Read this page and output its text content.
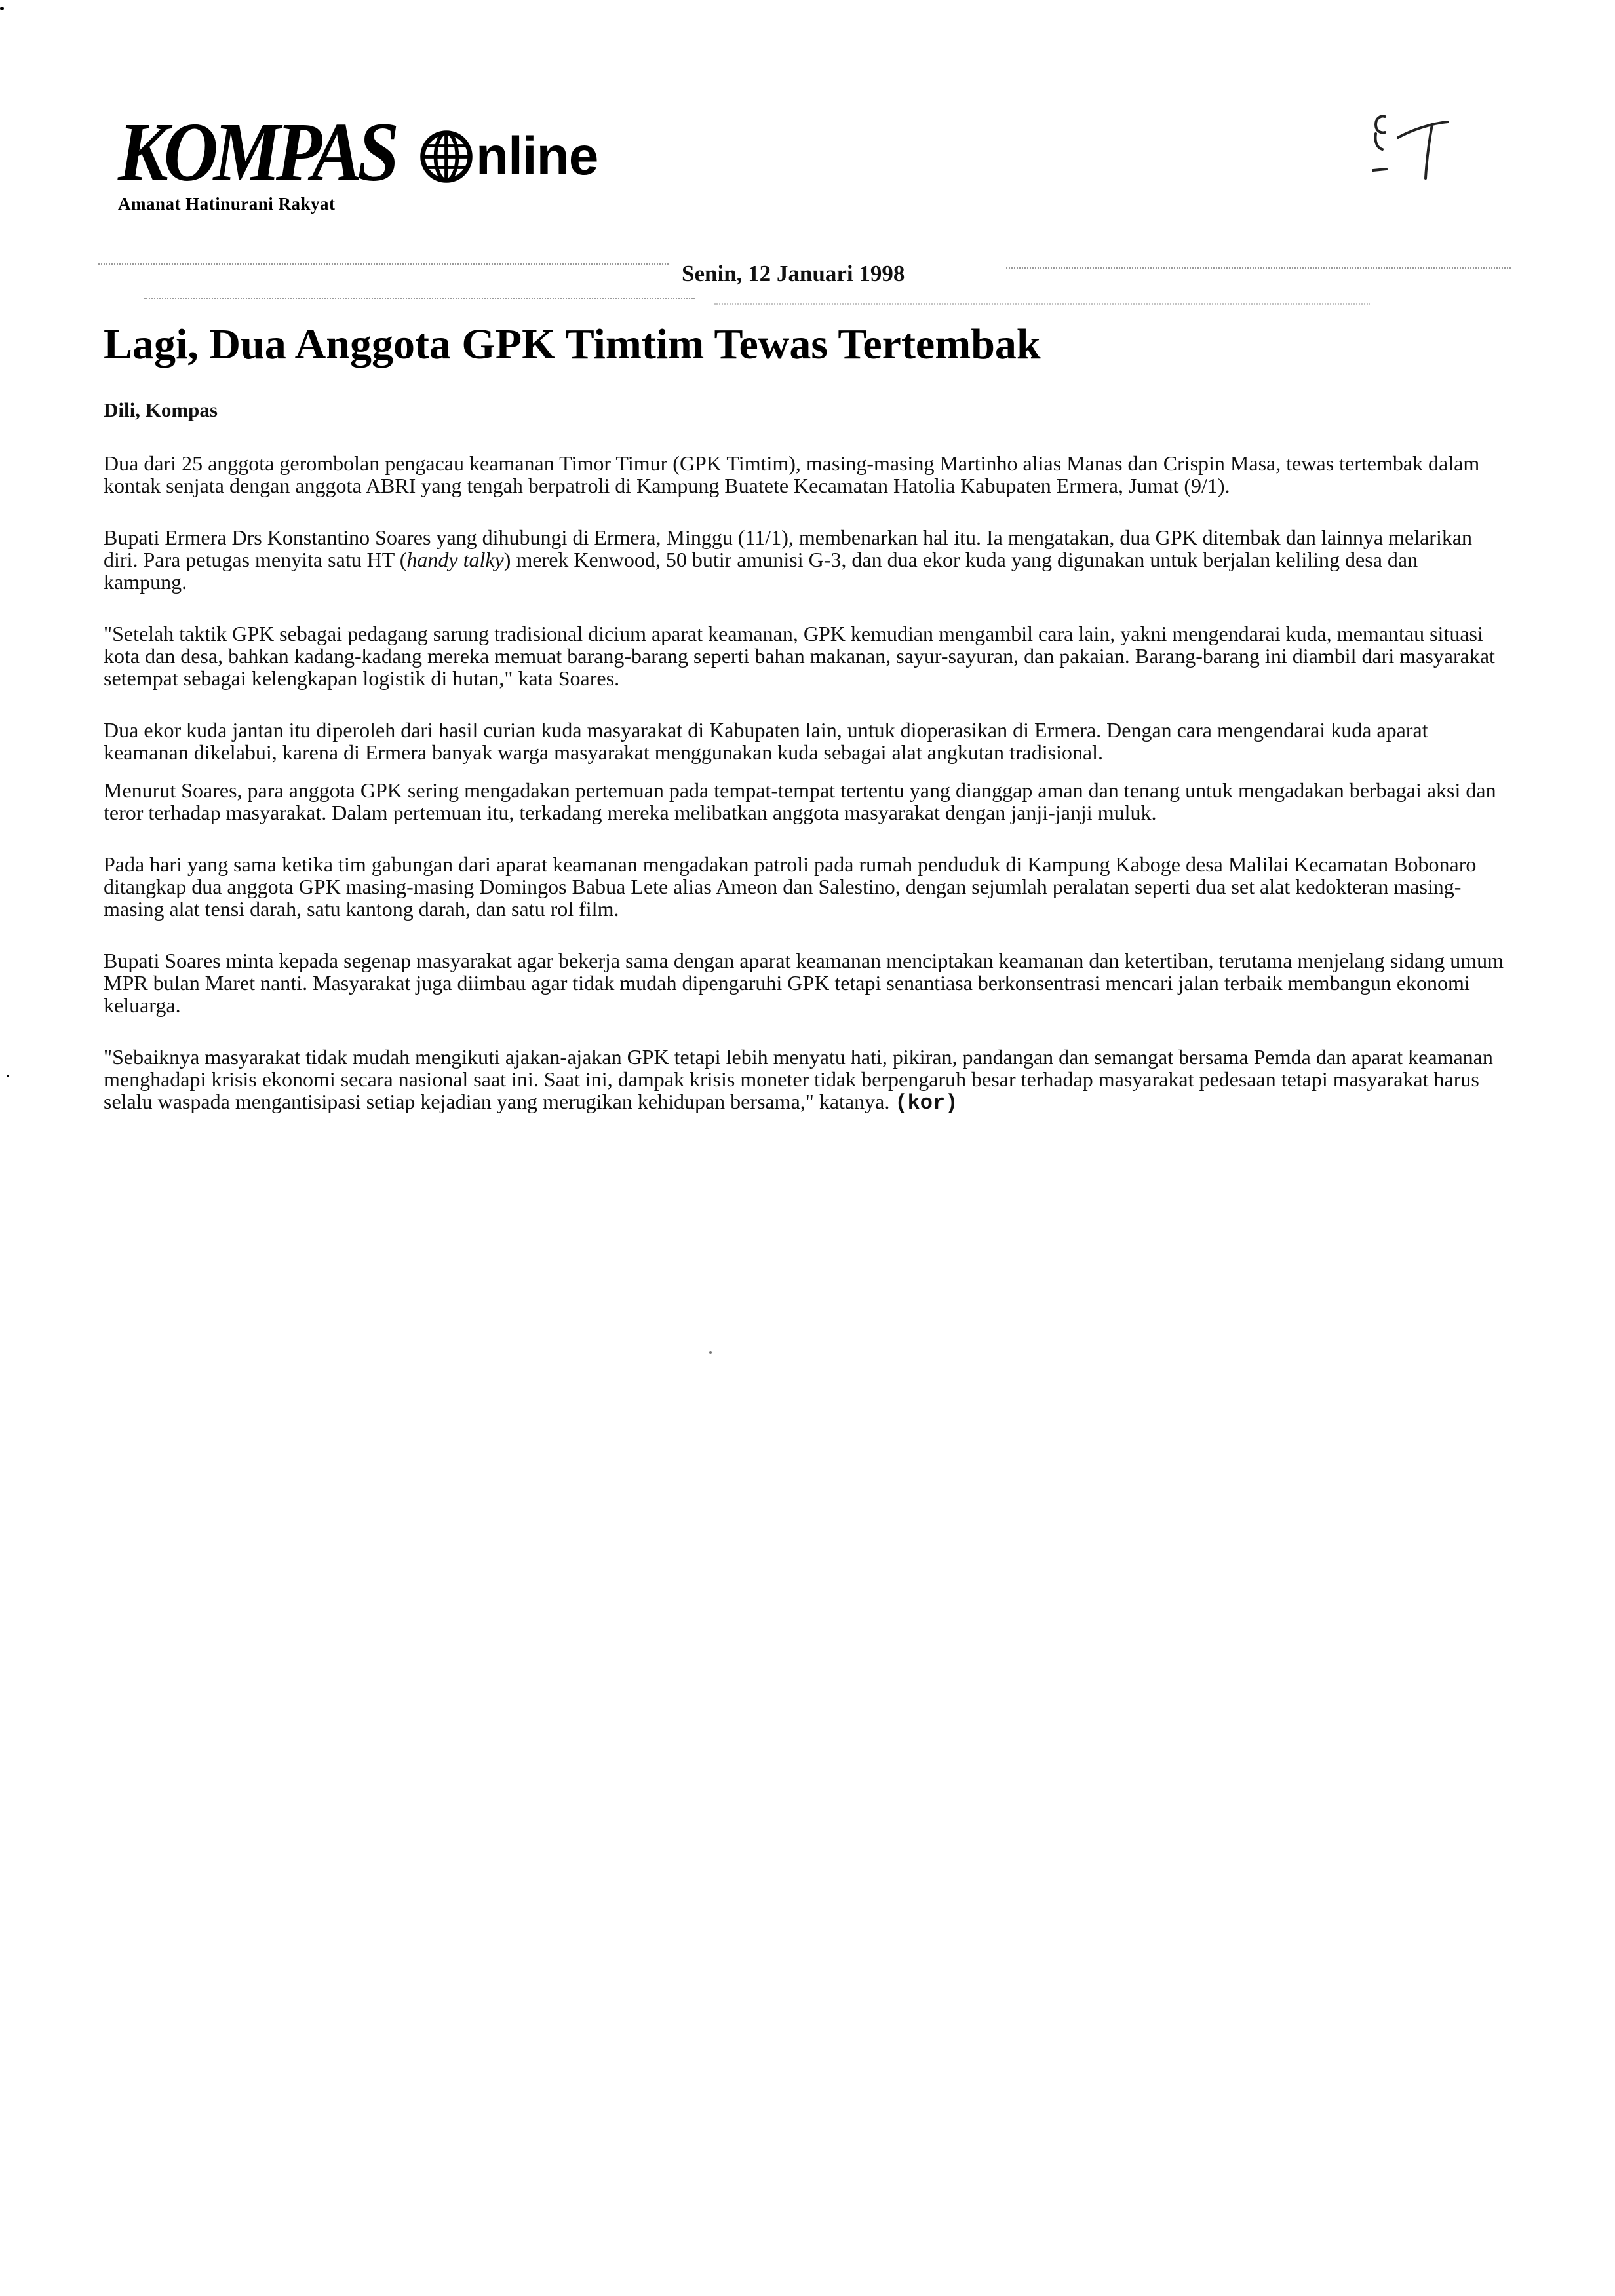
KOMPAS nline
Amanat Hatinurani Rakyat
Senin, 12 Januari 1998
Lagi, Dua Anggota GPK Timtim Tewas Tertembak
Dili, Kompas

Dua dari 25 anggota gerombolan pengacau keamanan Timor Timur (GPK Timtim), masing-masing Martinho alias Manas dan Crispin Masa, tewas tertembak dalam kontak senjata dengan anggota ABRI yang tengah berpatroli di Kampung Buatete Kecamatan Hatolia Kabupaten Ermera, Jumat (9/1).

Bupati Ermera Drs Konstantino Soares yang dihubungi di Ermera, Minggu (11/1), membenarkan hal itu. Ia mengatakan, dua GPK ditembak dan lainnya melarikan diri. Para petugas menyita satu HT (handy talky) merek Kenwood, 50 butir amunisi G-3, dan dua ekor kuda yang digunakan untuk berjalan keliling desa dan kampung.

"Setelah taktik GPK sebagai pedagang sarung tradisional dicium aparat keamanan, GPK kemudian mengambil cara lain, yakni mengendarai kuda, memantau situasi kota dan desa, bahkan kadang-kadang mereka memuat barang-barang seperti bahan makanan, sayur-sayuran, dan pakaian. Barang-barang ini diambil dari masyarakat setempat sebagai kelengkapan logistik di hutan," kata Soares.

Dua ekor kuda jantan itu diperoleh dari hasil curian kuda masyarakat di Kabupaten lain, untuk dioperasikan di Ermera. Dengan cara mengendarai kuda aparat keamanan dikelabui, karena di Ermera banyak warga masyarakat menggunakan kuda sebagai alat angkutan tradisional.

Menurut Soares, para anggota GPK sering mengadakan pertemuan pada tempat-tempat tertentu yang dianggap aman dan tenang untuk mengadakan berbagai aksi dan teror terhadap masyarakat. Dalam pertemuan itu, terkadang mereka melibatkan anggota masyarakat dengan janji-janji muluk.

Pada hari yang sama ketika tim gabungan dari aparat keamanan mengadakan patroli pada rumah penduduk di Kampung Kaboge desa Malilai Kecamatan Bobonaro ditangkap dua anggota GPK masing-masing Domingos Babua Lete alias Ameon dan Salestino, dengan sejumlah peralatan seperti dua set alat kedokteran masing-masing alat tensi darah, satu kantong darah, dan satu rol film.

Bupati Soares minta kepada segenap masyarakat agar bekerja sama dengan aparat keamanan menciptakan keamanan dan ketertiban, terutama menjelang sidang umum MPR bulan Maret nanti. Masyarakat juga diimbau agar tidak mudah dipengaruhi GPK tetapi senantiasa berkonsentrasi mencari jalan terbaik membangun ekonomi keluarga.

"Sebaiknya masyarakat tidak mudah mengikuti ajakan-ajakan GPK tetapi lebih menyatu hati, pikiran, pandangan dan semangat bersama Pemda dan aparat keamanan menghadapi krisis ekonomi secara nasional saat ini. Saat ini, dampak krisis moneter tidak berpengaruh besar terhadap masyarakat pedesaan tetapi masyarakat harus selalu waspada mengantisipasi setiap kejadian yang merugikan kehidupan bersama," katanya. (kor)
